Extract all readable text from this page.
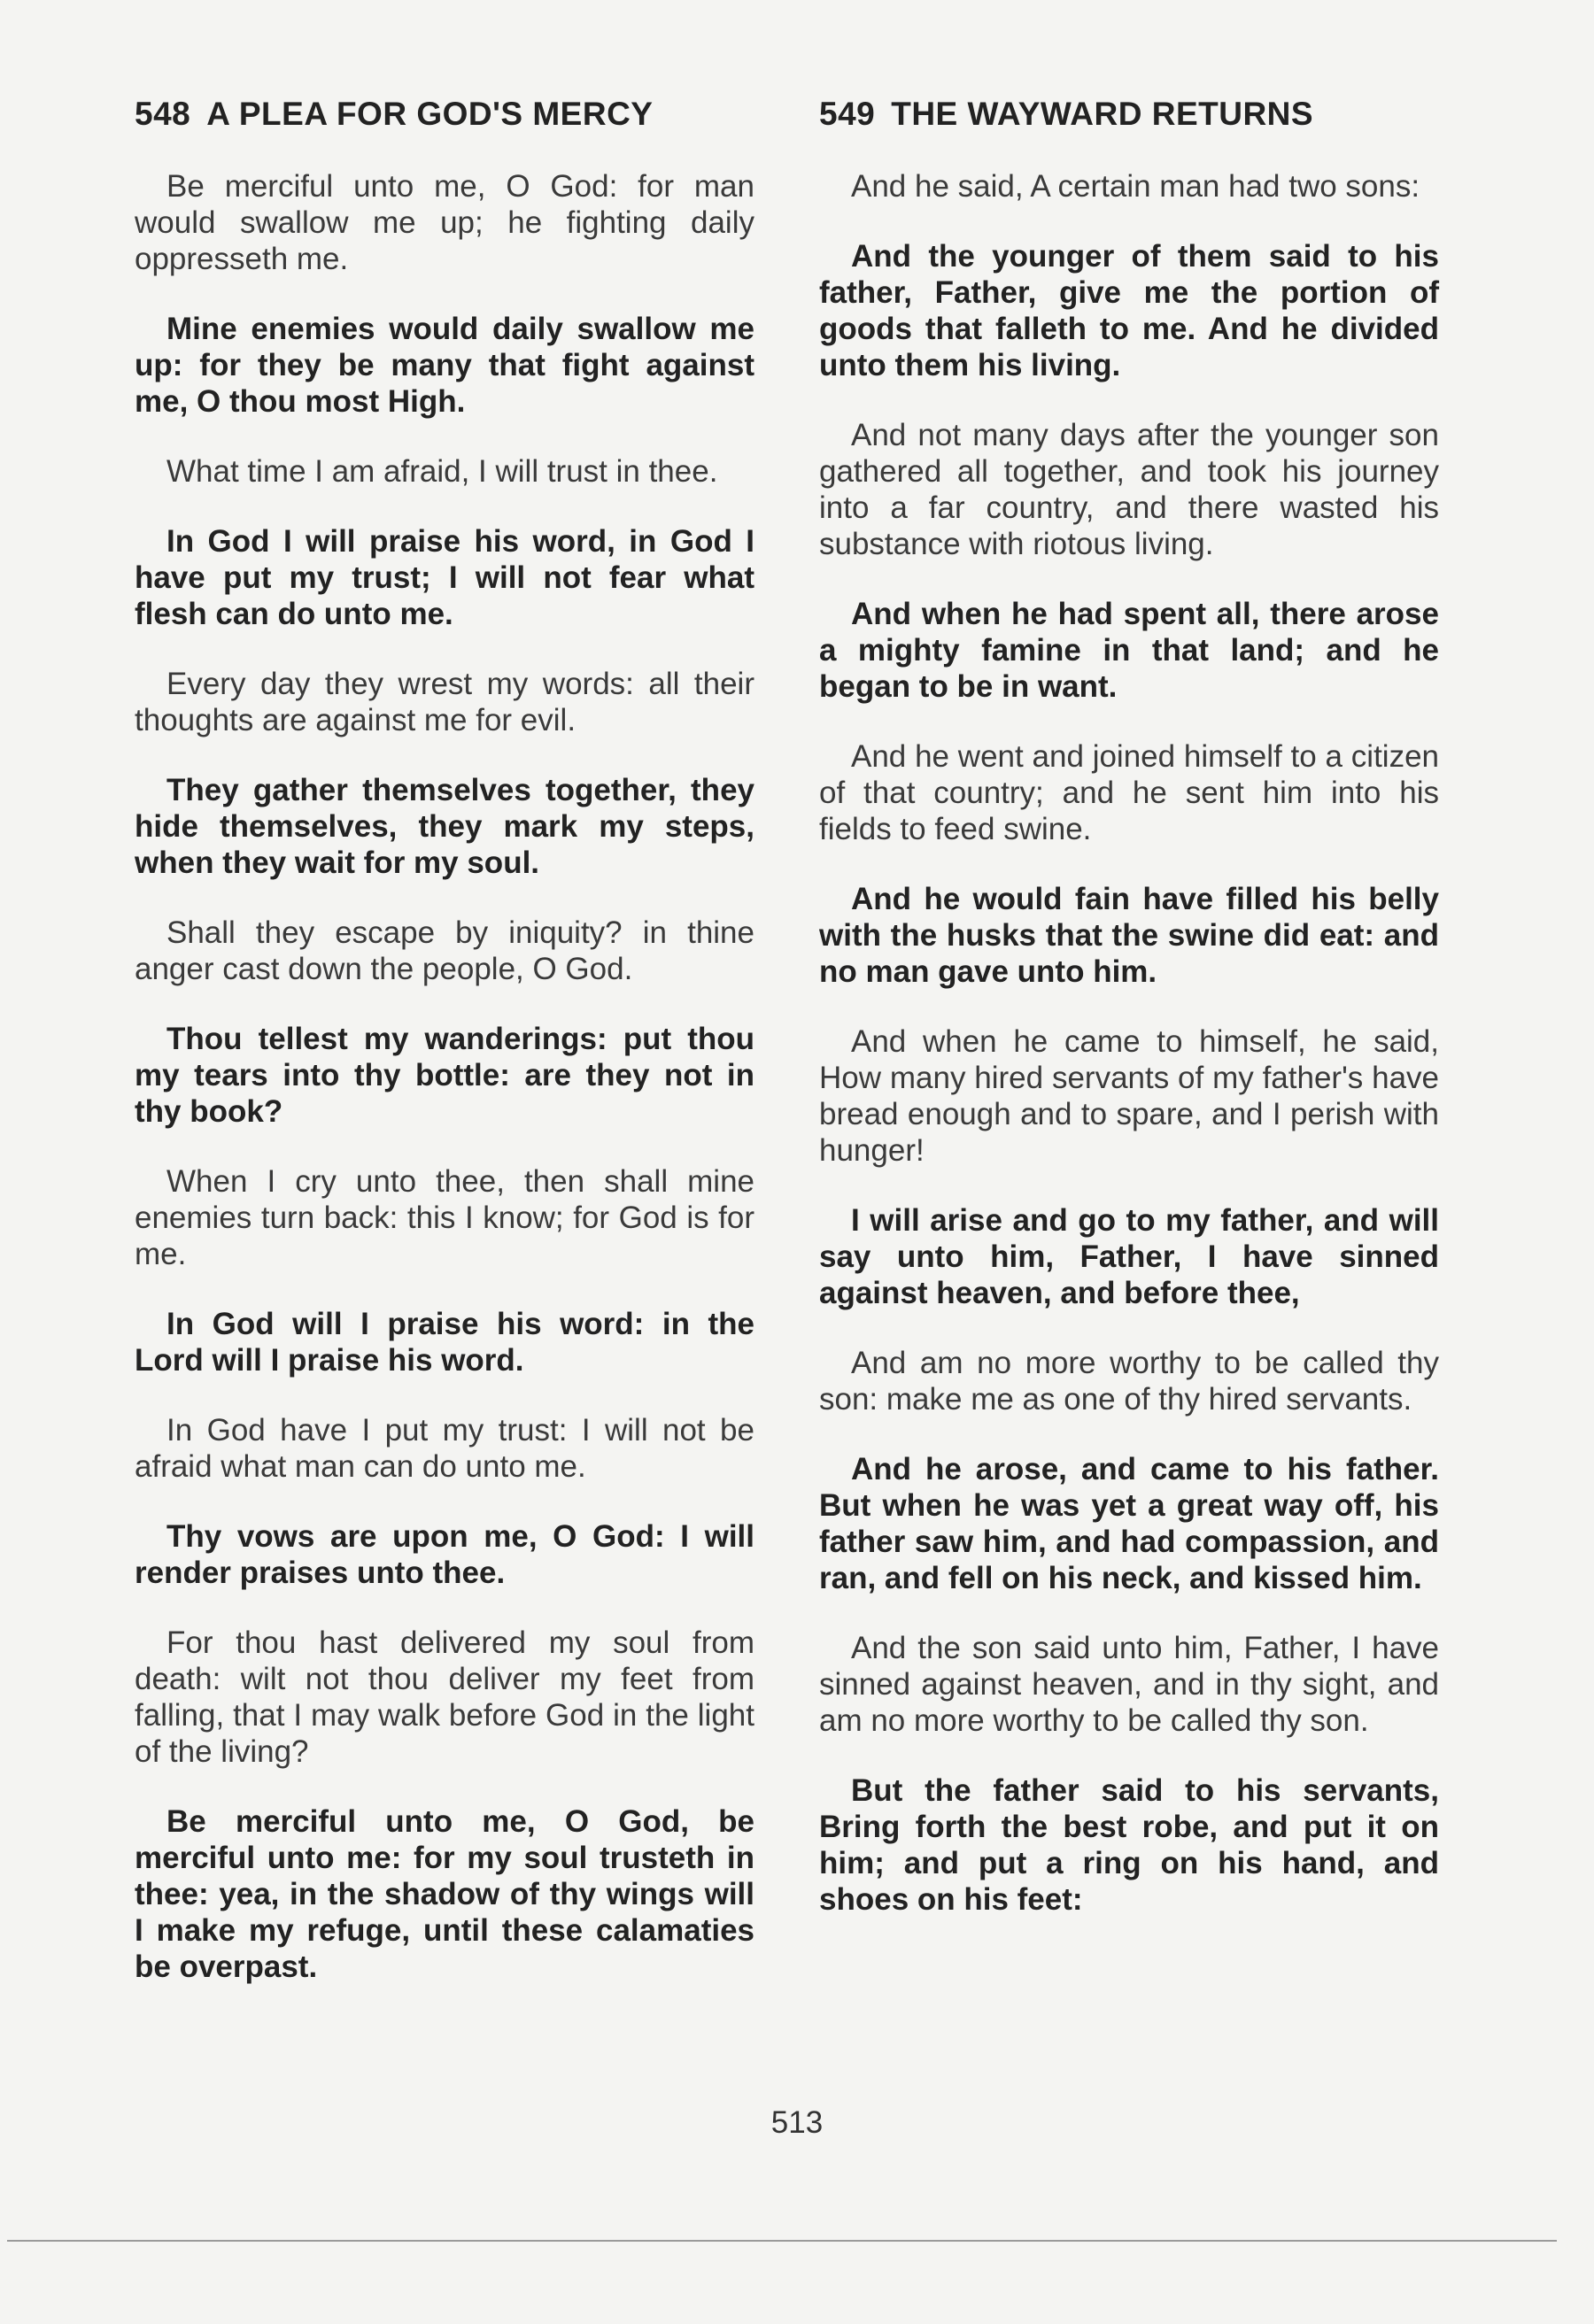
548 A PLEA FOR GOD'S MERCY

Be merciful unto me, O God: for man would swallow me up; he fighting daily oppresseth me.

Mine enemies would daily swallow me up: for they be many that fight against me, O thou most High.

What time I am afraid, I will trust in thee.

In God I will praise his word, in God I have put my trust; I will not fear what flesh can do unto me.

Every day they wrest my words: all their thoughts are against me for evil.

They gather themselves together, they hide themselves, they mark my steps, when they wait for my soul.

Shall they escape by iniquity? in thine anger cast down the people, O God.

Thou tellest my wanderings: put thou my tears into thy bottle: are they not in thy book?

When I cry unto thee, then shall mine enemies turn back: this I know; for God is for me.

In God will I praise his word: in the Lord will I praise his word.

In God have I put my trust: I will not be afraid what man can do unto me.

Thy vows are upon me, O God: I will render praises unto thee.

For thou hast delivered my soul from death: wilt not thou deliver my feet from falling, that I may walk before God in the light of the living?

Be merciful unto me, O God, be merciful unto me: for my soul trusteth in thee: yea, in the shadow of thy wings will I make my refuge, until these calamaties be overpast.

549 THE WAYWARD RETURNS

And he said, A certain man had two sons:

And the younger of them said to his father, Father, give me the portion of goods that falleth to me. And he divided unto them his living.

And not many days after the younger son gathered all together, and took his journey into a far country, and there wasted his substance with riotous living.

And when he had spent all, there arose a mighty famine in that land; and he began to be in want.

And he went and joined himself to a citizen of that country; and he sent him into his fields to feed swine.

And he would fain have filled his belly with the husks that the swine did eat: and no man gave unto him.

And when he came to himself, he said, How many hired servants of my father's have bread enough and to spare, and I perish with hunger!

I will arise and go to my father, and will say unto him, Father, I have sinned against heaven, and before thee,

And am no more worthy to be called thy son: make me as one of thy hired servants.

And he arose, and came to his father. But when he was yet a great way off, his father saw him, and had compassion, and ran, and fell on his neck, and kissed him.

And the son said unto him, Father, I have sinned against heaven, and in thy sight, and am no more worthy to be called thy son.

But the father said to his servants, Bring forth the best robe, and put it on him; and put a ring on his hand, and shoes on his feet:

513
